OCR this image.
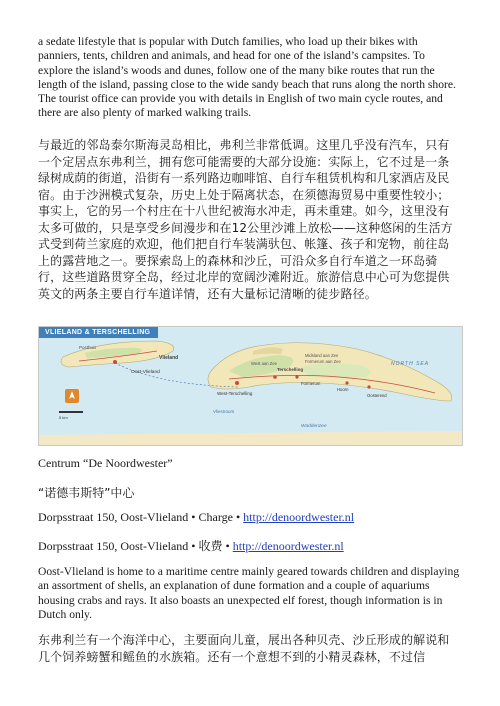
a sedate lifestyle that is popular with Dutch families, who load up their bikes with panniers, tents, children and animals, and head for one of the island’s campsites. To explore the island’s woods and dunes, follow one of the many bike routes that run the length of the island, passing close to the wide sandy beach that runs along the north shore. The tourist office can provide you with details in English of two main cycle routes, and there are also plenty of marked walking trails.

与最近的邻岛泰尔斯海灵岛相比，弗利兰非常低调。这里几乎没有汽车，只有一个定居点东弗利兰，拥有您可能需要的大部分设施：实际上，它不过是一条绿树成荫的街道，沿街有一系列路边咖啡馆、自行车租赁机构和几家酒店及民宿。由于沙洲模式复杂，历史上处于隔离状态，在须德海贸易中重要性较小；事实上，它的另一个村庄在十八世纪被海水冲走，再未重建。如今，这里没有太多可做的，只是享受乡间漫步和在12公里沙滩上放松——这种悠闲的生活方式受到荷兰家庭的欢迎，他们把自行车装满驮包、帐篷、孩子和宠物，前往岛上的露营地之一。要探索岛上的森林和沙丘，可沿众多自行车道之一环岛骑行，这些道路贯穿全岛，经过北岸的宽阔沙滩附近。旅游信息中心可为您提供英文的两条主要自行车道详情，还有大量标记清晰的徒步路径。

VLIELAND & TERSCHELLING
Oost-Vlieland
Posthuis
Vlieland
West-Terschelling
West aan Zee
Midsland aan Zee
Formerum aan Zee
Terschelling
Formerum
Hoorn
Oosterend
NORTH SEA
Vliestroom
Waddenzee
5 km

Centrum “De Noordwester”

“诺德韦斯特”中心

Dorpsstraat 150, Oost-Vlieland • Charge • http://denoordwester.nl

Dorpsstraat 150, Oost-Vlieland • 收费 • http://denoordwester.nl

Oost-Vlieland is home to a maritime centre mainly geared towards children and displaying an assortment of shells, an explanation of dune formation and a couple of aquariums housing crabs and rays. It also boasts an unexpected elf forest, though information is in Dutch only.

东弗利兰有一个海洋中心，主要面向儿童，展出各种贝壳、沙丘形成的解说和几个饲养螃蟹和鳐鱼的水族箱。还有一个意想不到的小精灵森林，不过信
